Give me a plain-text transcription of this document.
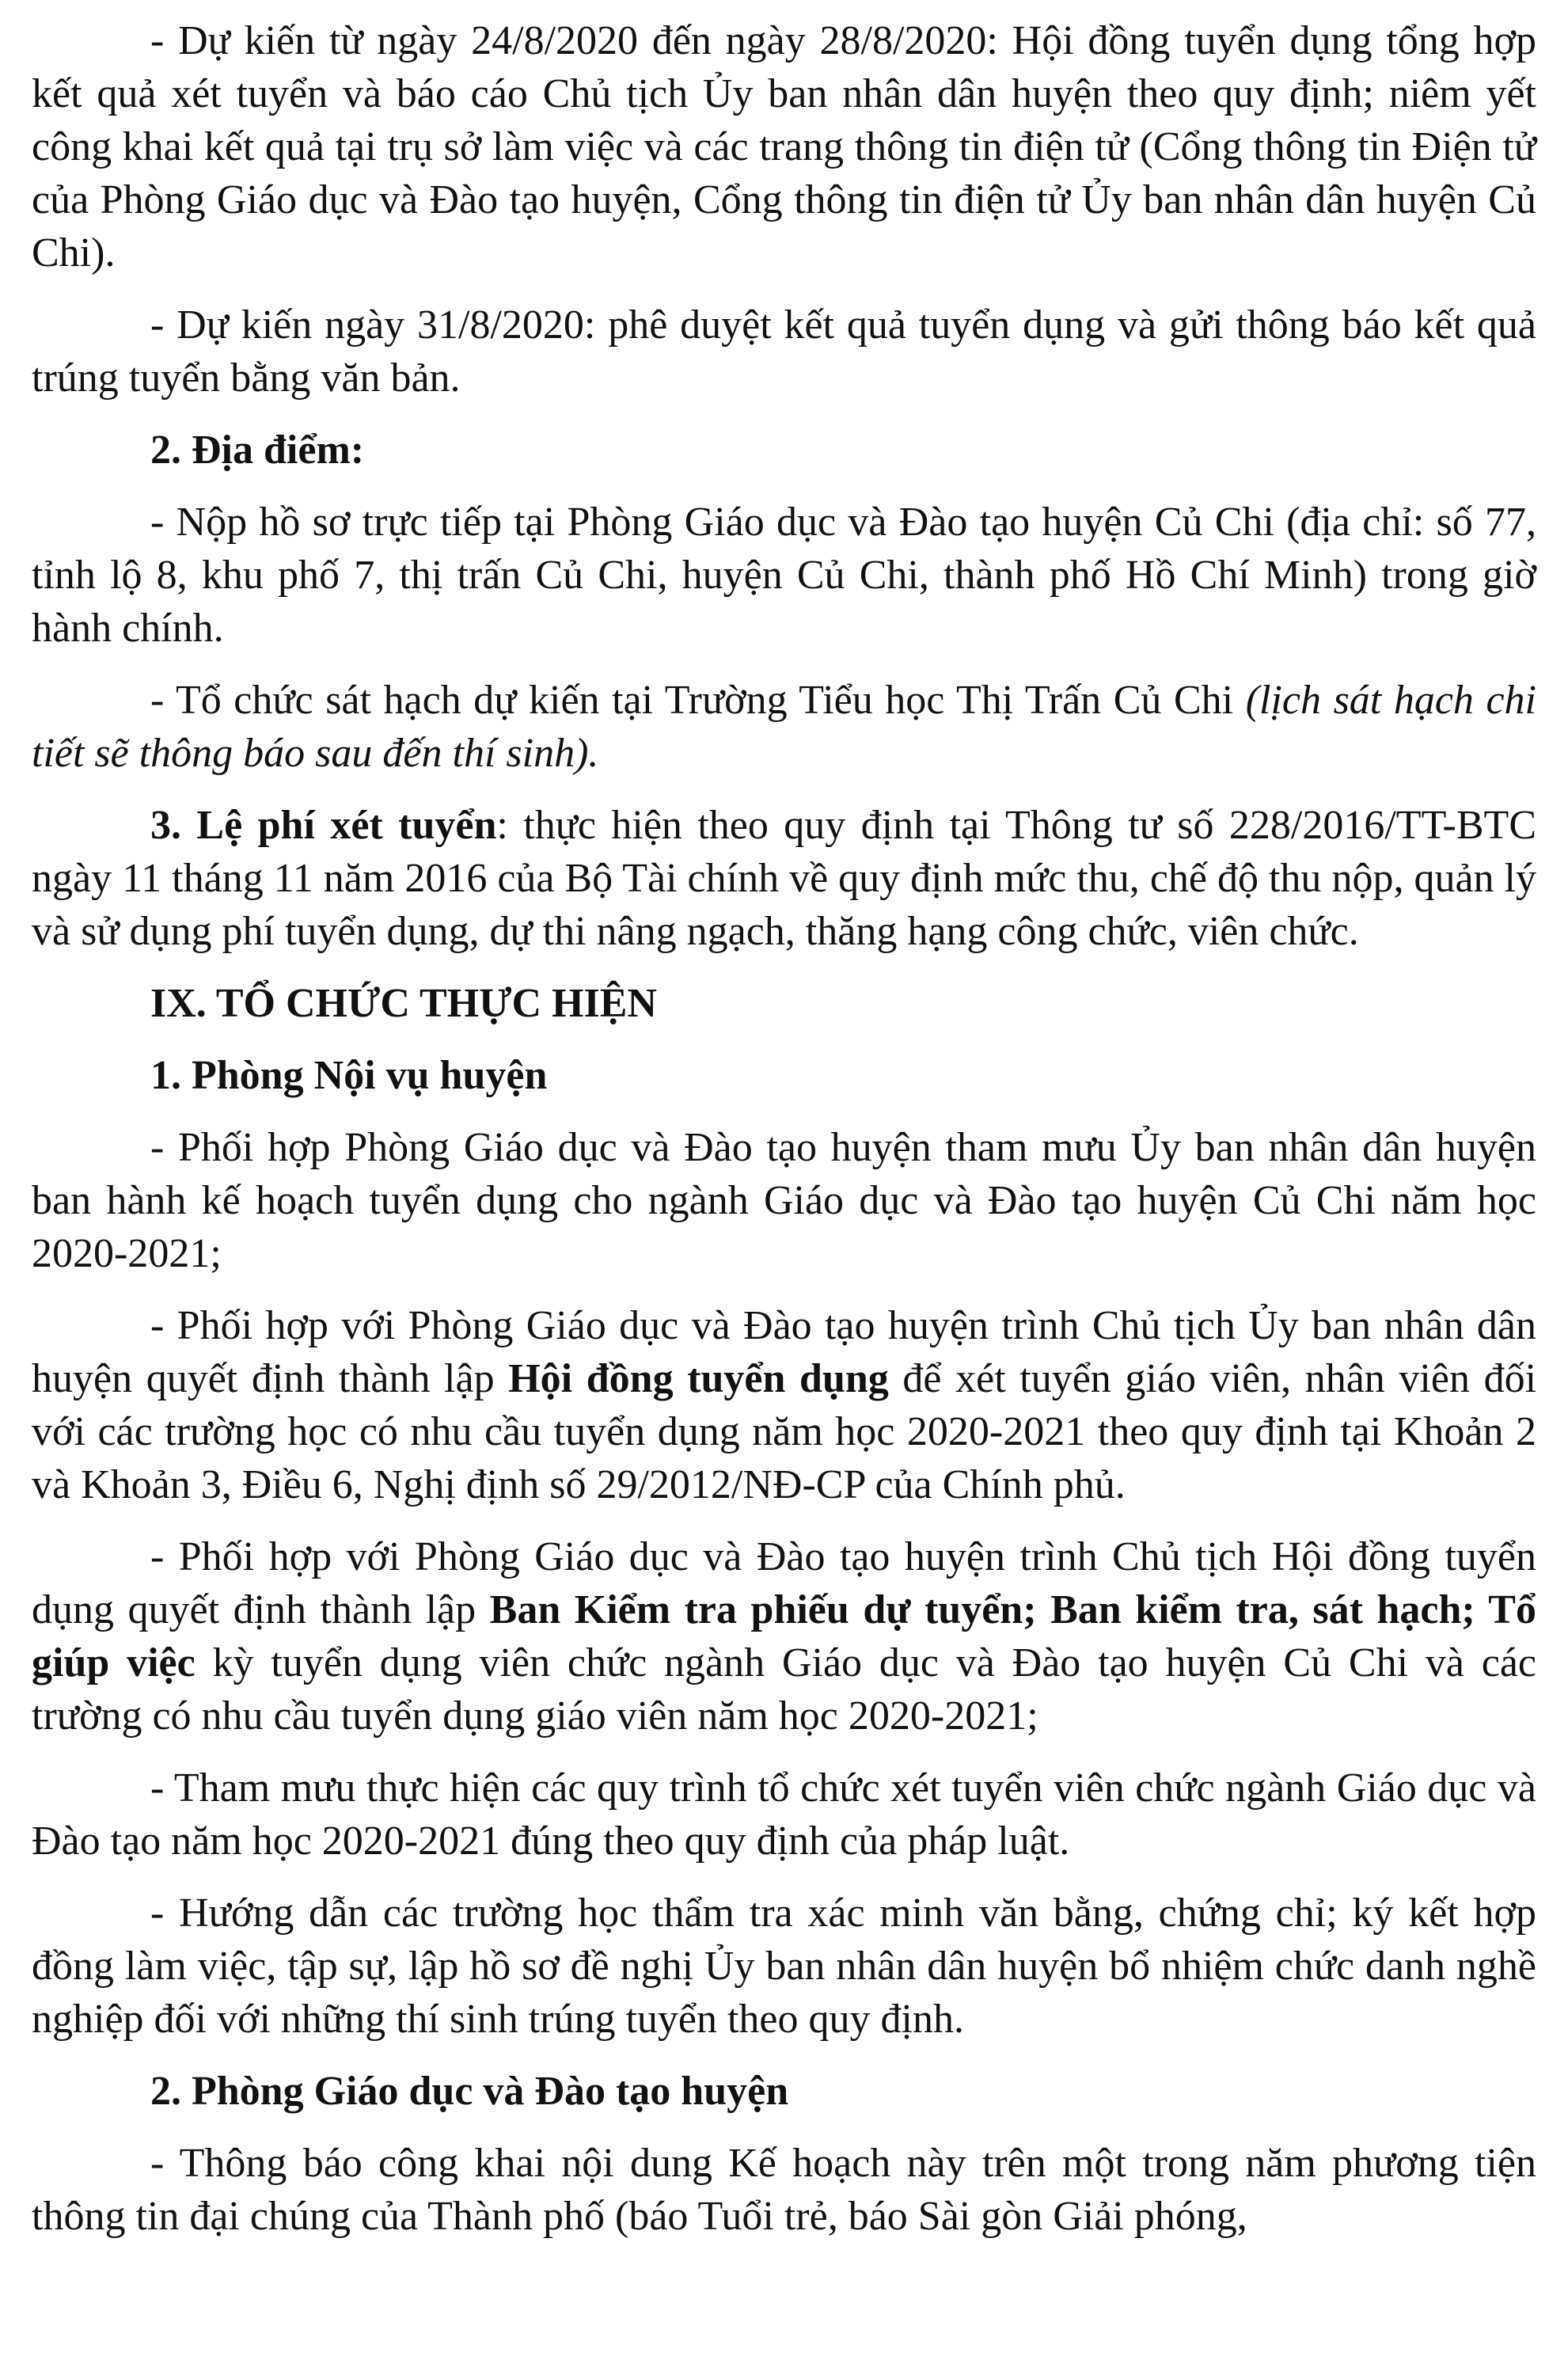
- Dự kiến từ ngày 24/8/2020 đến ngày 28/8/2020: Hội đồng tuyển dụng tổng hợp kết quả xét tuyển và báo cáo Chủ tịch Ủy ban nhân dân huyện theo quy định; niêm yết công khai kết quả tại trụ sở làm việc và các trang thông tin điện tử (Cổng thông tin Điện tử của Phòng Giáo dục và Đào tạo huyện, Cổng thông tin điện tử Ủy ban nhân dân huyện Củ Chi).

- Dự kiến ngày 31/8/2020: phê duyệt kết quả tuyển dụng và gửi thông báo kết quả trúng tuyển bằng văn bản.

2. Địa điểm:

- Nộp hồ sơ trực tiếp tại Phòng Giáo dục và Đào tạo huyện Củ Chi (địa chỉ: số 77, tỉnh lộ 8, khu phố 7, thị trấn Củ Chi, huyện Củ Chi, thành phố Hồ Chí Minh) trong giờ hành chính.

- Tổ chức sát hạch dự kiến tại Trường Tiểu học Thị Trấn Củ Chi (lịch sát hạch chi tiết sẽ thông báo sau đến thí sinh).

3. Lệ phí xét tuyển: thực hiện theo quy định tại Thông tư số 228/2016/TT-BTC ngày 11 tháng 11 năm 2016 của Bộ Tài chính về quy định mức thu, chế độ thu nộp, quản lý và sử dụng phí tuyển dụng, dự thi nâng ngạch, thăng hạng công chức, viên chức.

IX. TỔ CHỨC THỰC HIỆN

1. Phòng Nội vụ huyện

- Phối hợp Phòng Giáo dục và Đào tạo huyện tham mưu Ủy ban nhân dân huyện ban hành kế hoạch tuyển dụng cho ngành Giáo dục và Đào tạo huyện Củ Chi năm học 2020-2021;

- Phối hợp với Phòng Giáo dục và Đào tạo huyện trình Chủ tịch Ủy ban nhân dân huyện quyết định thành lập Hội đồng tuyển dụng để xét tuyển giáo viên, nhân viên đối với các trường học có nhu cầu tuyển dụng năm học 2020-2021 theo quy định tại Khoản 2 và Khoản 3, Điều 6, Nghị định số 29/2012/NĐ-CP của Chính phủ.

- Phối hợp với Phòng Giáo dục và Đào tạo huyện trình Chủ tịch Hội đồng tuyển dụng quyết định thành lập Ban Kiểm tra phiếu dự tuyển; Ban kiểm tra, sát hạch; Tổ giúp việc kỳ tuyển dụng viên chức ngành Giáo dục và Đào tạo huyện Củ Chi và các trường có nhu cầu tuyển dụng giáo viên năm học 2020-2021;

- Tham mưu thực hiện các quy trình tổ chức xét tuyển viên chức ngành Giáo dục và Đào tạo năm học 2020-2021 đúng theo quy định của pháp luật.

- Hướng dẫn các trường học thẩm tra xác minh văn bằng, chứng chỉ; ký kết hợp đồng làm việc, tập sự, lập hồ sơ đề nghị Ủy ban nhân dân huyện bổ nhiệm chức danh nghề nghiệp đối với những thí sinh trúng tuyển theo quy định.

2. Phòng Giáo dục và Đào tạo huyện

- Thông báo công khai nội dung Kế hoạch này trên một trong năm phương tiện thông tin đại chúng của Thành phố (báo Tuổi trẻ, báo Sài gòn Giải phóng,
